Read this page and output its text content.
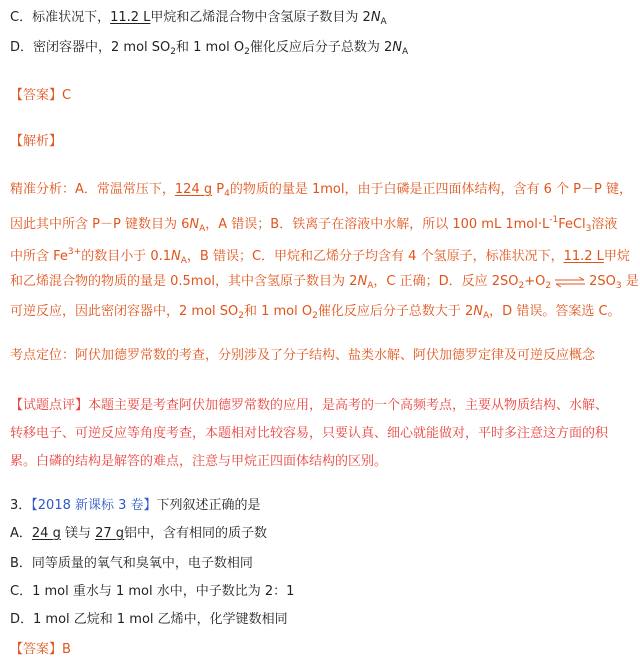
C．标准状况下，11.2 L甲烷和乙烯混合物中含氢原子数目为 $2N_A$
D．密闭容器中，2 mol $SO_2$和 1 mol $O_2$催化反应后分子总数为 $2N_A$
【答案】C
【解析】
精准分析：A．常温常压下，124 g $P_4$的物质的量是 1mol，由于白磷是正四面体结构，含有 6 个 P－P 键，
因此其中所含 P－P 键数目为 $6N_A$，A 错误；B．铁离子在溶液中水解，所以 100 mL $1mol\cdot L^{-1}FeCl_3$溶液
中所含 $Fe^{3+}$的数目小于 $0.1N_A$，B 错误；C．甲烷和乙烯分子均含有 4 个氢原子，标准状况下，11.2 L甲烷
和乙烯混合物的物质的量是 0.5mol，其中含氢原子数目为 $2N_A$，C 正确；D．反应 $2SO_2+O_2$ ⇌ $2SO_3$ 是
可逆反应，因此密闭容器中，2 mol $SO_2$和 1 mol $O_2$催化反应后分子总数大于 $2N_A$，D 错误。答案选 C。
考点定位：阿伏加德罗常数的考查，分别涉及了分子结构、盐类水解、阿伏加德罗定律及可逆反应概念
【试题点评】本题主要是考查阿伏加德罗常数的应用，是高考的一个高频考点，主要从物质结构、水解、
转移电子、可逆反应等角度考查，本题相对比较容易，只要认真、细心就能做对，平时多注意这方面的积
累。白磷的结构是解答的难点，注意与甲烷正四面体结构的区别。
3．【2018 新课标 3 卷】下列叙述正确的是
A．24 g 镁与 27 g铝中，含有相同的质子数
B．同等质量的氧气和臭氧中，电子数相同
C．1 mol 重水与 1 mol 水中，中子数比为 2：1
D．1 mol 乙烷和 1 mol 乙烯中，化学键数相同
【答案】B
